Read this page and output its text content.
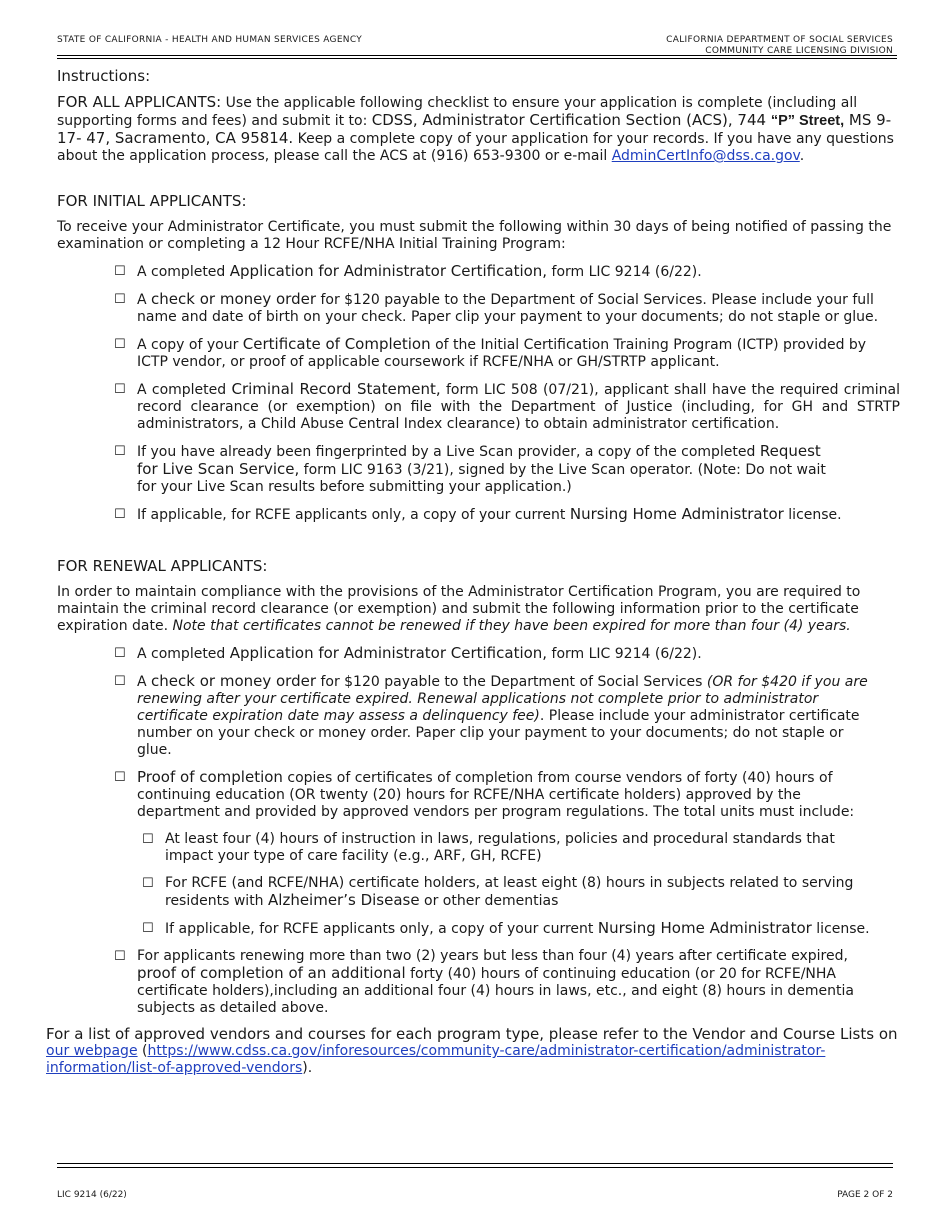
STATE OF CALIFORNIA - HEALTH AND HUMAN SERVICES AGENCY	CALIFORNIA DEPARTMENT OF SOCIAL SERVICES
COMMUNITY CARE LICENSING DIVISION

Instructions:

FOR ALL APPLICANTS: Use the applicable following checklist to ensure your application is complete (including all supporting forms and fees) and submit it to: CDSS, Administrator Certification Section (ACS), 744 “P” Street, MS 9-17- 47, Sacramento, CA 95814. Keep a complete copy of your application for your records. If you have any questions about the application process, please call the ACS at (916) 653-9300 or e-mail AdminCertInfo@dss.ca.gov.

FOR INITIAL APPLICANTS:

To receive your Administrator Certificate, you must submit the following within 30 days of being notified of passing the examination or completing a 12 Hour RCFE/NHA Initial Training Program:

☐ A completed Application for Administrator Certification, form LIC 9214 (6/22).
☐ A check or money order for $120 payable to the Department of Social Services. Please include your full name and date of birth on your check. Paper clip your payment to your documents; do not staple or glue.
☐ A copy of your Certificate of Completion of the Initial Certification Training Program (ICTP) provided by ICTP vendor, or proof of applicable coursework if RCFE/NHA or GH/STRTP applicant.
☐ A completed Criminal Record Statement, form LIC 508 (07/21), applicant shall have the required criminal record clearance (or exemption) on file with the Department of Justice (including, for GH and STRTP administrators, a Child Abuse Central Index clearance) to obtain administrator certification.
☐ If you have already been fingerprinted by a Live Scan provider, a copy of the completed Request for Live Scan Service, form LIC 9163 (3/21), signed by the Live Scan operator. (Note: Do not wait for your Live Scan results before submitting your application.)
☐ If applicable, for RCFE applicants only, a copy of your current Nursing Home Administrator license.

FOR RENEWAL APPLICANTS:

In order to maintain compliance with the provisions of the Administrator Certification Program, you are required to maintain the criminal record clearance (or exemption) and submit the following information prior to the certificate expiration date. Note that certificates cannot be renewed if they have been expired for more than four (4) years.

☐ A completed Application for Administrator Certification, form LIC 9214 (6/22).
☐ A check or money order for $120 payable to the Department of Social Services (OR for $420 if you are renewing after your certificate expired. Renewal applications not complete prior to administrator certificate expiration date may assess a delinquency fee). Please include your administrator certificate number on your check or money order. Paper clip your payment to your documents; do not staple or glue.
☐ Proof of completion copies of certificates of completion from course vendors of forty (40) hours of continuing education (OR twenty (20) hours for RCFE/NHA certificate holders) approved by the department and provided by approved vendors per program regulations. The total units must include:
☐ At least four (4) hours of instruction in laws, regulations, policies and procedural standards that impact your type of care facility (e.g., ARF, GH, RCFE)
☐ For RCFE (and RCFE/NHA) certificate holders, at least eight (8) hours in subjects related to serving residents with Alzheimer’s Disease or other dementias
☐ If applicable, for RCFE applicants only, a copy of your current Nursing Home Administrator license.
☐ For applicants renewing more than two (2) years but less than four (4) years after certificate expired, proof of completion of an additional forty (40) hours of continuing education (or 20 for RCFE/NHA certificate holders),including an additional four (4) hours in laws, etc., and eight (8) hours in dementia subjects as detailed above.

For a list of approved vendors and courses for each program type, please refer to the Vendor and Course Lists on

our webpage (https://www.cdss.ca.gov/inforesources/community-care/administrator-certification/administrator-information/list-of-approved-vendors).

LIC 9214 (6/22)	PAGE 2 OF 2
